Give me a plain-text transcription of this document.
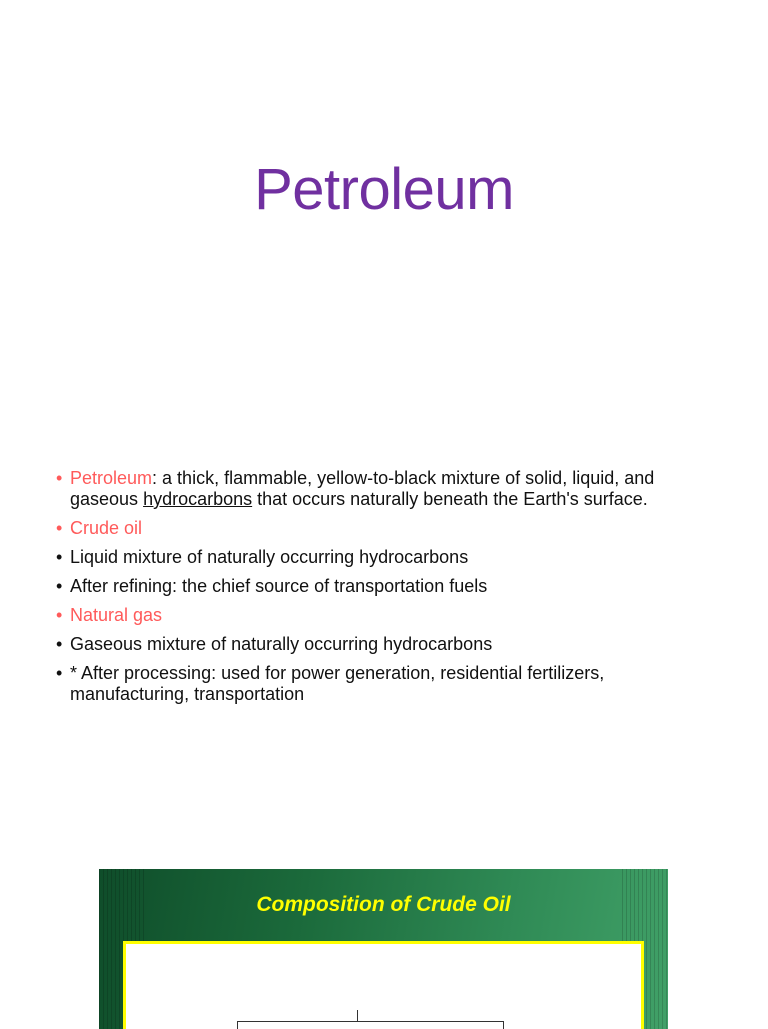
Petroleum
• Petroleum: a thick, flammable, yellow-to-black mixture of solid, liquid, and gaseous hydrocarbons that occurs naturally beneath the Earth's surface.
• Crude oil
• Liquid mixture of naturally occurring hydrocarbons
• After refining: the chief source of transportation fuels
• Natural gas
• Gaseous mixture of naturally occurring hydrocarbons
• * After processing: used for power generation, residential fertilizers, manufacturing, transportation
Composition of Crude Oil
